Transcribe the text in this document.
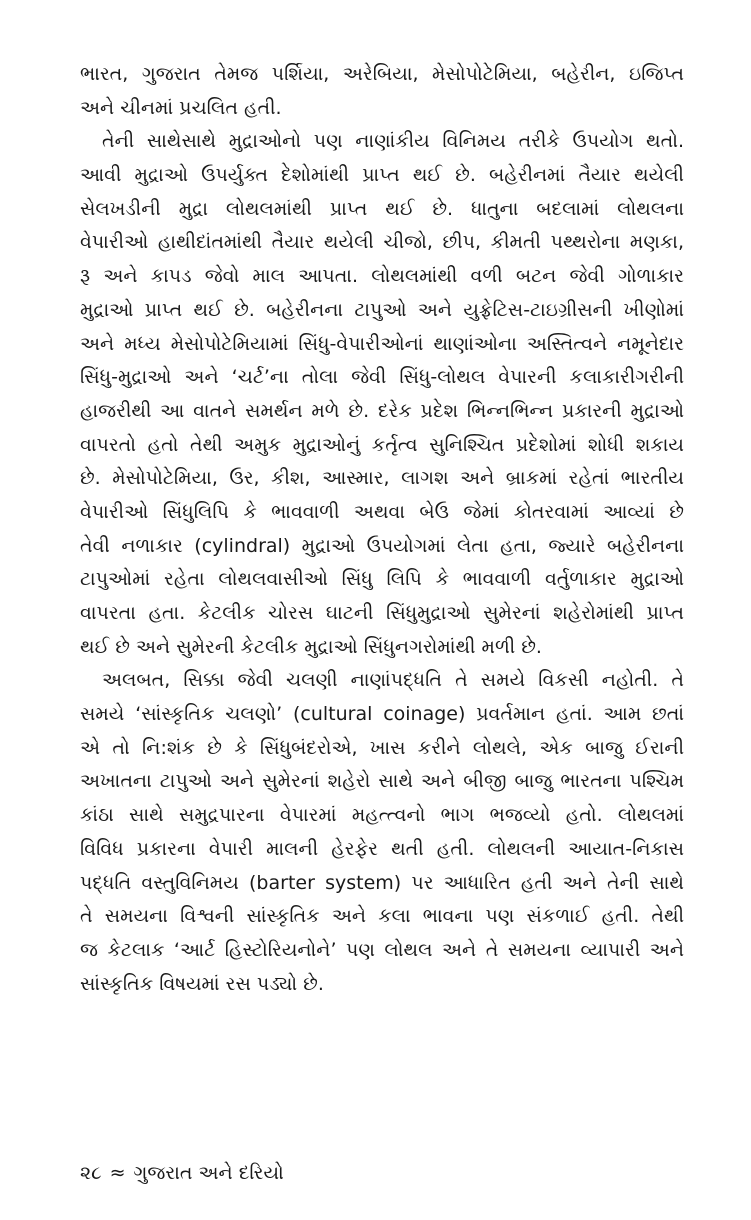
ભારત, ગુજરાત તેમજ પર્શિયા, અરેબિયા, મેસોપોટેમિયા, બહેરીન, ઇજિપ્ત
અને ચીનમાં પ્રચલિત હતી.
તેની સાથેસાથે મુદ્રાઓનો પણ નાણાંકીય વિનિમય તરીકે ઉપયોગ થતો.
આવી મુદ્રાઓ ઉપર્યુક્ત દેશોમાંથી પ્રાપ્ત થઈ છે. બહેરીનમાં તૈયાર થયેલી
સેલખડીની મુદ્રા લોથલમાંથી પ્રાપ્ત થઈ છે. ધાતુના બદલામાં લોથલના
વેપારીઓ હાથીદાંતમાંથી તૈયાર થયેલી ચીજો, છીપ, કીમતી પથ્થરોના મણકા,
રૂ અને કાપડ જેવો માલ આપતા. લોથલમાંથી વળી બટન જેવી ગોળાકાર
મુદ્રાઓ પ્રાપ્ત થઈ છે. બહેરીનના ટાપુઓ અને યુફ્રેટિસ-ટાઇગ્રીસની ખીણોમાં
અને મધ્ય મેસોપોટેમિયામાં સિંધુ-વેપારીઓનાં થાણાંઓના અસ્તિત્વને નમૂનેદાર
સિંધુ-મુદ્રાઓ અને ‘ચર્ટ’ના તોલા જેવી સિંધુ-લોથલ વેપારની કલાકારીગરીની
હાજરીથી આ વાતને સમર્થન મળે છે. દરેક પ્રદેશ ભિન્નભિન્ન પ્રકારની મુદ્રાઓ
વાપરતો હતો તેથી અમુક મુદ્રાઓનું કર્તૃત્વ સુનિશ્ચિત પ્રદેશોમાં શોધી શકાય
છે. મેસોપોટેમિયા, ઉર, કીશ, આસ્માર, લાગશ અને બ્રાકમાં રહેતાં ભારતીય
વેપારીઓ સિંધુલિપિ કે ભાવવાળી અથવા બેઉ જેમાં કોતરવામાં આવ્યાં છે
તેવી નળાકાર (cylindral) મુદ્રાઓ ઉપયોગમાં લેતા હતા, જ્યારે બહેરીનના
ટાપુઓમાં રહેતા લોથલવાસીઓ સિંધુ લિપિ કે ભાવવાળી વર્તુળાકાર મુદ્રાઓ
વાપરતા હતા. કેટલીક ચોરસ ઘાટની સિંધુમુદ્રાઓ સુમેરનાં શહેરોમાંથી પ્રાપ્ત
થઈ છે અને સુમેરની કેટલીક મુદ્રાઓ સિંધુનગરોમાંથી મળી છે.
અલબત, સિક્કા જેવી ચલણી નાણાંપદ્ધતિ તે સમયે વિકસી નહોતી. તે
સમયે ‘સાંસ્કૃતિક ચલણો’ (cultural coinage) પ્રવર્તમાન હતાં. આમ છતાં
એ તો નિ:શંક છે કે સિંધુબંદરોએ, ખાસ કરીને લોથલે, એક બાજુ ઈરાની
અખાતના ટાપુઓ અને સુમેરનાં શહેરો સાથે અને બીજી બાજુ ભારતના પશ્ચિમ
કાંઠા સાથે સમુદ્રપારના વેપારમાં મહત્ત્વનો ભાગ ભજવ્યો હતો. લોથલમાં
વિવિધ પ્રકારના વેપારી માલની હેરફેર થતી હતી. લોથલની આયાત-નિકાસ
પદ્ધતિ વસ્તુવિનિમય (barter system) પર આધારિત હતી અને તેની સાથે
તે સમયના વિશ્વની સાંસ્કૃતિક અને કલા ભાવના પણ સંકળાઈ હતી. તેથી
જ કેટલાક ‘આર્ટ હિસ્ટોરિયનોને’ પણ લોથલ અને તે સમયના વ્યાપારી અને
સાંસ્કૃતિક વિષયમાં રસ પડ્યો છે.
૨૮ ≈ ગુજરાત અને દરિયો
